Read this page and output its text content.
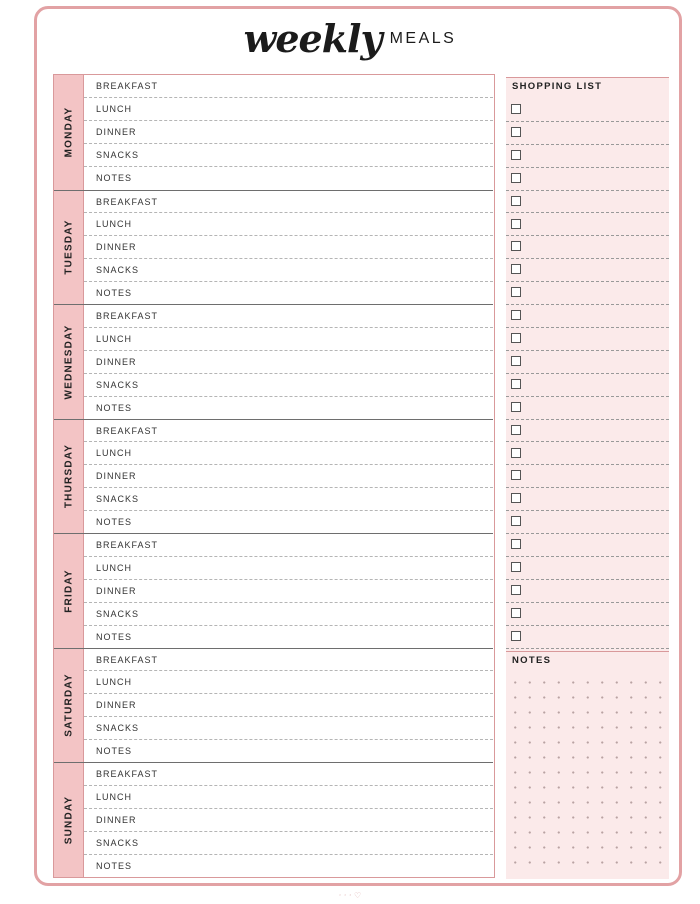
weekly MEALS
MONDAY
BREAKFAST
LUNCH
DINNER
SNACKS
NOTES
TUESDAY
BREAKFAST
LUNCH
DINNER
SNACKS
NOTES
WEDNESDAY
BREAKFAST
LUNCH
DINNER
SNACKS
NOTES
THURSDAY
BREAKFAST
LUNCH
DINNER
SNACKS
NOTES
FRIDAY
BREAKFAST
LUNCH
DINNER
SNACKS
NOTES
SATURDAY
BREAKFAST
LUNCH
DINNER
SNACKS
NOTES
SUNDAY
BREAKFAST
LUNCH
DINNER
SNACKS
NOTES
SHOPPING LIST
NOTES
· · · ♡
